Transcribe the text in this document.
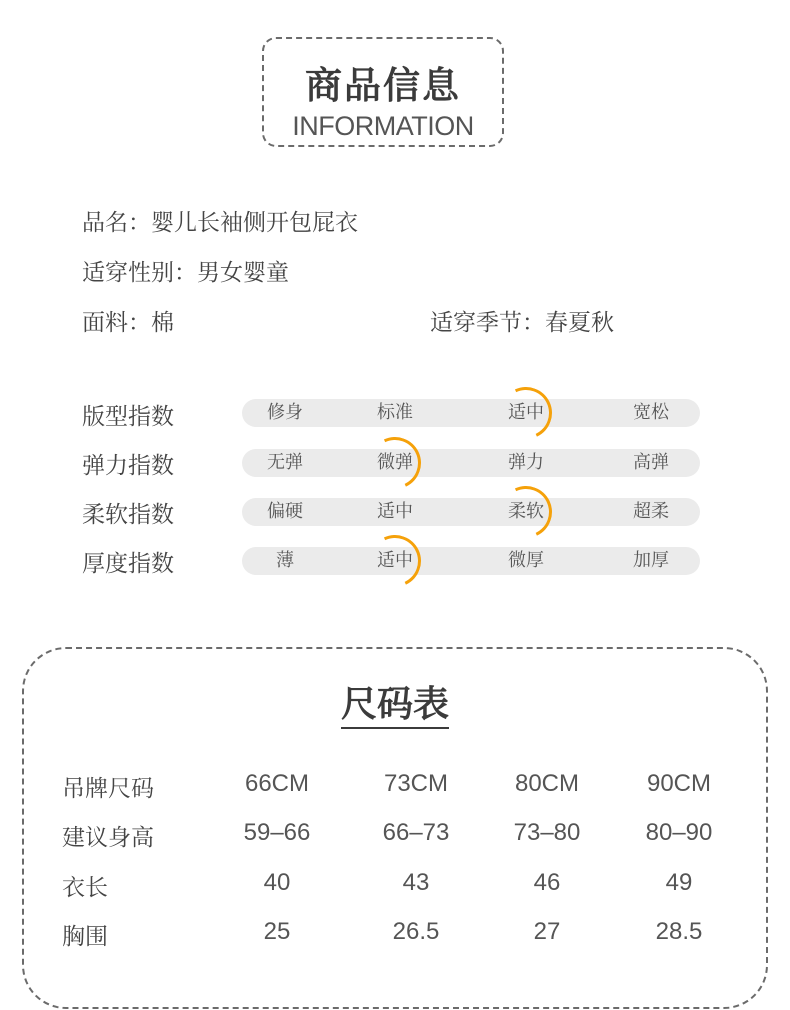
商品信息
INFORMATION
品名：婴儿长袖侧开包屁衣
适穿性别：男女婴童
面料：棉	适穿季节：春夏秋
版型指数	修身	标准	适中	宽松
弹力指数	无弹	微弹	弹力	高弹
柔软指数	偏硬	适中	柔软	超柔
厚度指数	薄	适中	微厚	加厚
尺码表
吊牌尺码	66CM	73CM	80CM	90CM
建议身高	59–66	66–73	73–80	80–90
衣长	40	43	46	49
胸围	25	26.5	27	28.5
